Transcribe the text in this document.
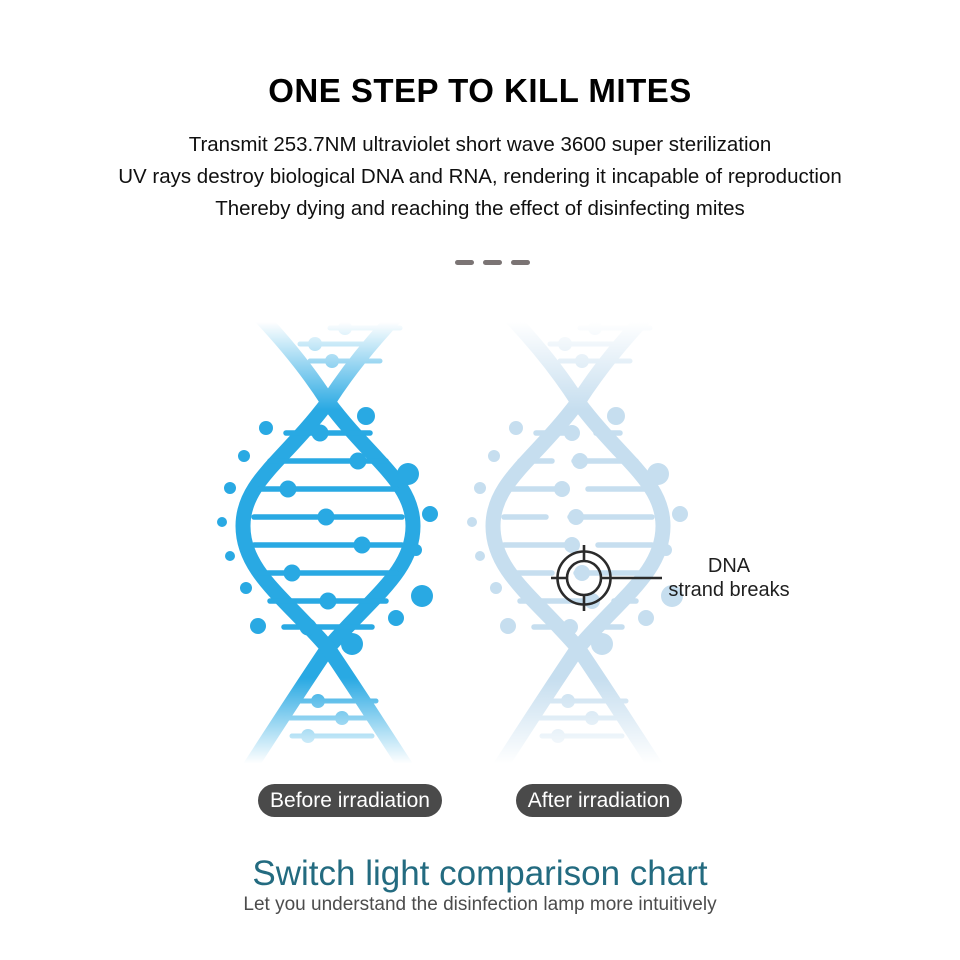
ONE STEP TO KILL MITES
Transmit 253.7NM ultraviolet short wave 3600 super sterilization
UV rays destroy biological DNA and RNA, rendering it incapable of reproduction
Thereby dying and reaching the effect of disinfecting mites
DNA
strand breaks
Before irradiation	After irradiation
Switch light comparison chart
Let you understand the disinfection lamp more intuitively
